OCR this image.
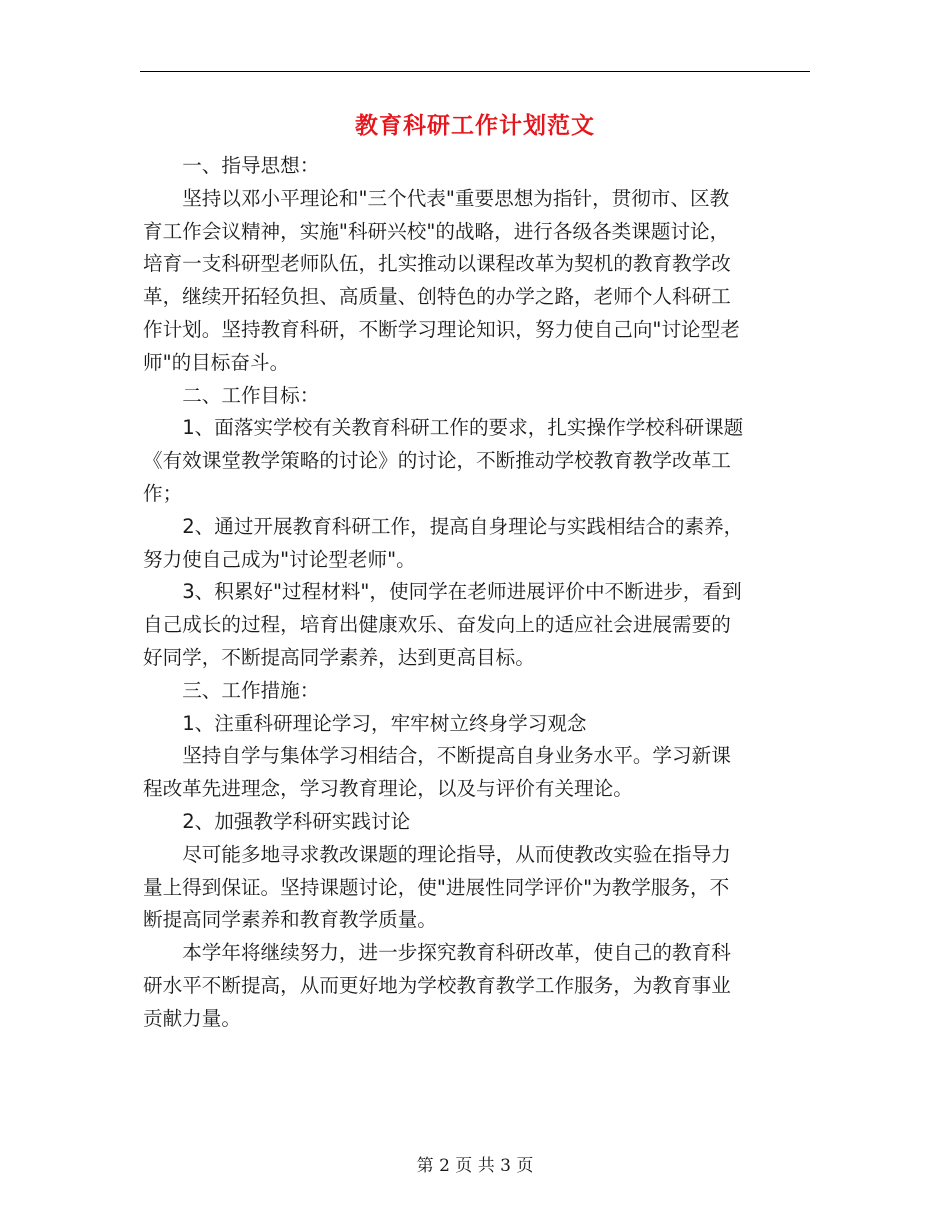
教育科研工作计划范文

一、指导思想：

坚持以邓小平理论和"三个代表"重要思想为指针，贯彻市、区教
育工作会议精神，实施"科研兴校"的战略，进行各级各类课题讨论，
培育一支科研型老师队伍，扎实推动以课程改革为契机的教育教学改
革，继续开拓轻负担、高质量、创特色的办学之路，老师个人科研工
作计划。坚持教育科研，不断学习理论知识，努力使自己向"讨论型老
师"的目标奋斗。

二、工作目标：

1、面落实学校有关教育科研工作的要求，扎实操作学校科研课题
《有效课堂教学策略的讨论》的讨论，不断推动学校教育教学改革工
作；

2、通过开展教育科研工作，提高自身理论与实践相结合的素养，
努力使自己成为"讨论型老师"。

3、积累好"过程材料"，使同学在老师进展评价中不断进步，看到
自己成长的过程，培育出健康欢乐、奋发向上的适应社会进展需要的
好同学，不断提高同学素养，达到更高目标。

三、工作措施：

1、注重科研理论学习，牢牢树立终身学习观念

坚持自学与集体学习相结合，不断提高自身业务水平。学习新课
程改革先进理念，学习教育理论，以及与评价有关理论。

2、加强教学科研实践讨论

尽可能多地寻求教改课题的理论指导，从而使教改实验在指导力
量上得到保证。坚持课题讨论，使"进展性同学评价"为教学服务，不
断提高同学素养和教育教学质量。

本学年将继续努力，进一步探究教育科研改革，使自己的教育科
研水平不断提高，从而更好地为学校教育教学工作服务，为教育事业
贡献力量。

第 2 页 共 3 页
